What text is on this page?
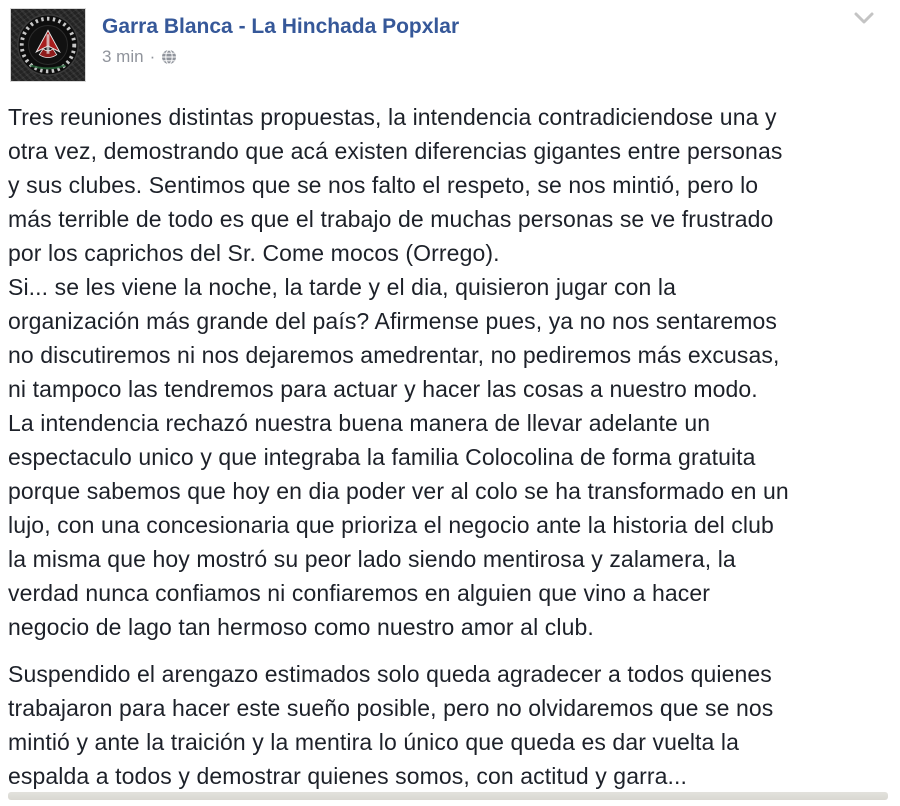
Garra Blanca - La Hinchada Popxlar
3 min ·
Tres reuniones distintas propuestas, la intendencia contradiciendose una y
otra vez, demostrando que acá existen diferencias gigantes entre personas
y sus clubes. Sentimos que se nos falto el respeto, se nos mintió, pero lo
más terrible de todo es que el trabajo de muchas personas se ve frustrado
por los caprichos del Sr. Come mocos (Orrego).
Si... se les viene la noche, la tarde y el dia, quisieron jugar con la
organización más grande del país? Afirmense pues, ya no nos sentaremos
no discutiremos ni nos dejaremos amedrentar, no pediremos más excusas,
ni tampoco las tendremos para actuar y hacer las cosas a nuestro modo.
La intendencia rechazó nuestra buena manera de llevar adelante un
espectaculo unico y que integraba la familia Colocolina de forma gratuita
porque sabemos que hoy en dia poder ver al colo se ha transformado en un
lujo, con una concesionaria que prioriza el negocio ante la historia del club
la misma que hoy mostró su peor lado siendo mentirosa y zalamera, la
verdad nunca confiamos ni confiaremos en alguien que vino a hacer
negocio de lago tan hermoso como nuestro amor al club.
Suspendido el arengazo estimados solo queda agradecer a todos quienes
trabajaron para hacer este sueño posible, pero no olvidaremos que se nos
mintió y ante la traición y la mentira lo único que queda es dar vuelta la
espalda a todos y demostrar quienes somos, con actitud y garra...
